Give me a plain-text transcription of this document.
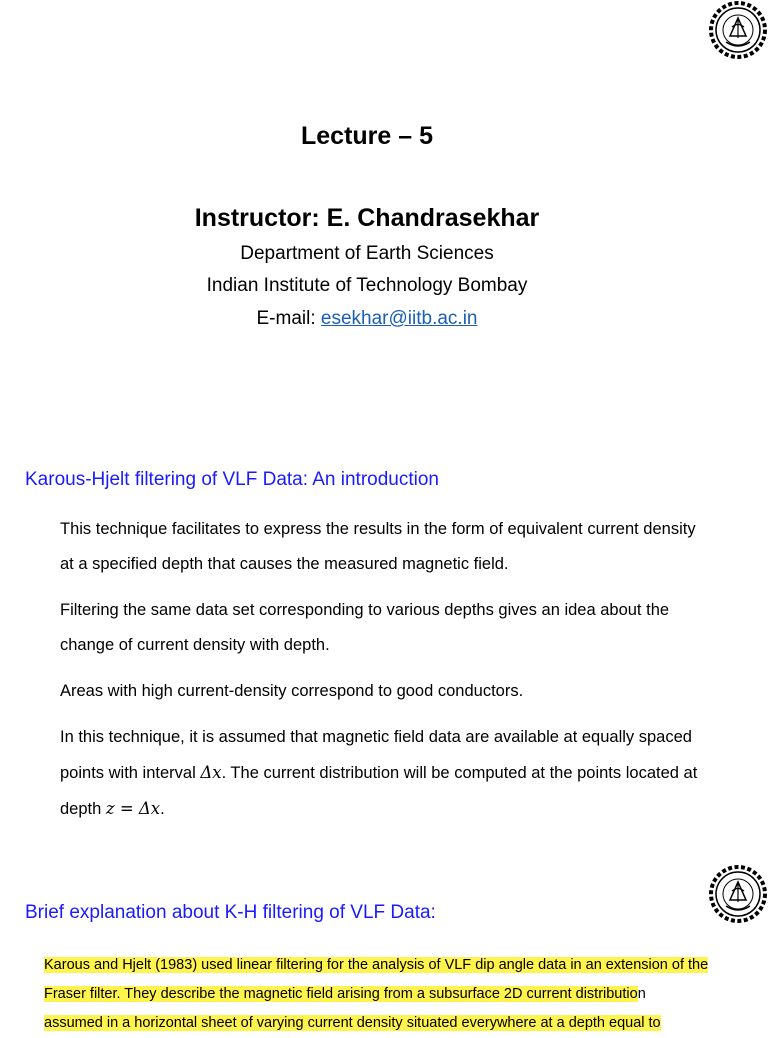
Lecture – 5
Instructor: E. Chandrasekhar
Department of Earth Sciences
Indian Institute of Technology Bombay
E-mail: esekhar@iitb.ac.in
Karous-Hjelt filtering of VLF Data: An introduction
This technique facilitates to express the results in the form of equivalent current density at a specified depth that causes the measured magnetic field.
Filtering the same data set corresponding to various depths gives an idea about the change of current density with depth.
Areas with high current-density correspond to good conductors.
In this technique, it is assumed that magnetic field data are available at equally spaced points with interval Δx. The current distribution will be computed at the points located at depth z = Δx.
Brief explanation about K-H filtering of VLF Data:
Karous and Hjelt (1983) used linear filtering for the analysis of VLF dip angle data in an extension of the Fraser filter. They describe the magnetic field arising from a subsurface 2D current distribution
assumed in a horizontal sheet of varying current density situated everywhere at a depth equal to
